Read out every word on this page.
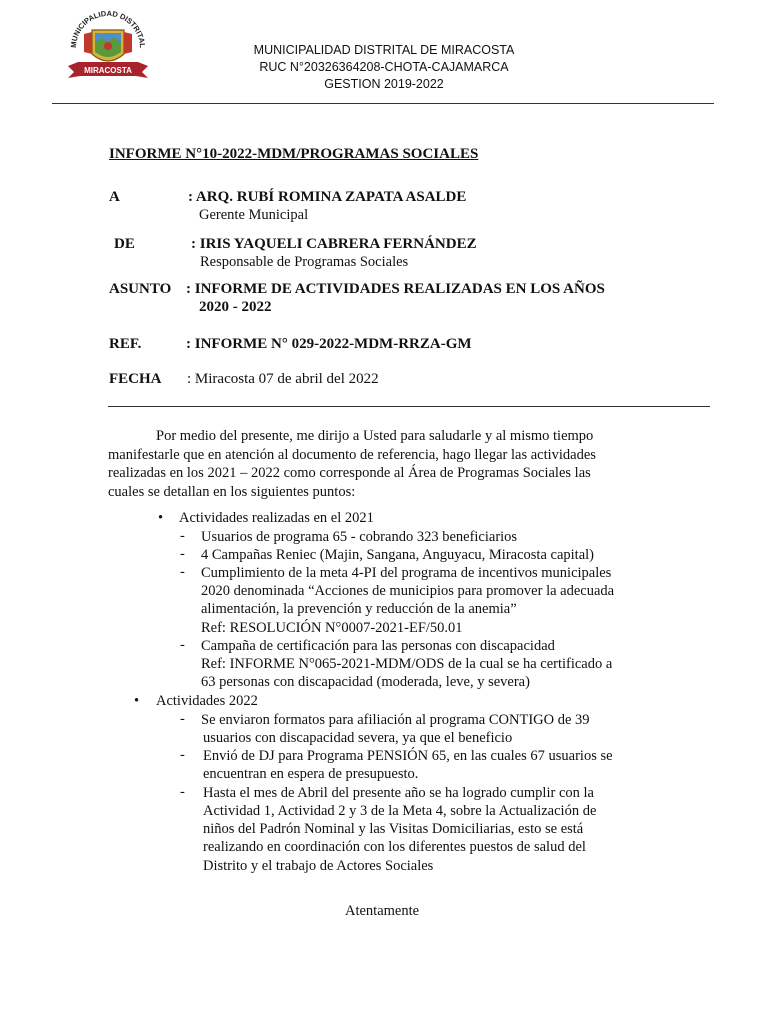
MUNICIPALIDAD DISTRITAL
MIRACOSTA
MUNICIPALIDAD DISTRITAL DE MIRACOSTA
RUC N°20326364208-CHOTA-CAJAMARCA
GESTION 2019-2022
INFORME N°10-2022-MDM/PROGRAMAS SOCIALES
A	: ARQ. RUBÍ ROMINA ZAPATA ASALDE
Gerente Municipal
DE	: IRIS YAQUELI CABRERA FERNÁNDEZ
Responsable de Programas Sociales
ASUNTO : INFORME DE ACTIVIDADES REALIZADAS EN LOS AÑOS
2020 - 2022
REF.	: INFORME N° 029-2022-MDM-RRZA-GM
FECHA : Miracosta 07 de abril del 2022
Por medio del presente, me dirijo a Usted para saludarle y al mismo tiempo
manifestarle que en atención al documento de referencia, hago llegar las actividades
realizadas en los 2021 – 2022 como corresponde al Área de Programas Sociales las
cuales se detallan en los siguientes puntos:
• Actividades realizadas en el 2021
- Usuarios de programa 65 - cobrando 323 beneficiarios
- 4 Campañas Reniec (Majin, Sangana, Anguyacu, Miracosta capital)
- Cumplimiento de la meta 4-PI del programa de incentivos municipales
2020 denominada “Acciones de municipios para promover la adecuada
alimentación, la prevención y reducción de la anemia”
Ref: RESOLUCIÓN N°0007-2021-EF/50.01
- Campaña de certificación para las personas con discapacidad
Ref: INFORME N°065-2021-MDM/ODS de la cual se ha certificado a
63 personas con discapacidad (moderada, leve, y severa)
• Actividades 2022
- Se enviaron formatos para afiliación al programa CONTIGO de 39
usuarios con discapacidad severa, ya que el beneficio
- Envió de DJ para Programa PENSIÓN 65, en las cuales 67 usuarios se
encuentran en espera de presupuesto.
- Hasta el mes de Abril del presente año se ha logrado cumplir con la
Actividad 1, Actividad 2 y 3 de la Meta 4, sobre la Actualización de
niños del Padrón Nominal y las Visitas Domiciliarias, esto se está
realizando en coordinación con los diferentes puestos de salud del
Distrito y el trabajo de Actores Sociales
Atentamente
